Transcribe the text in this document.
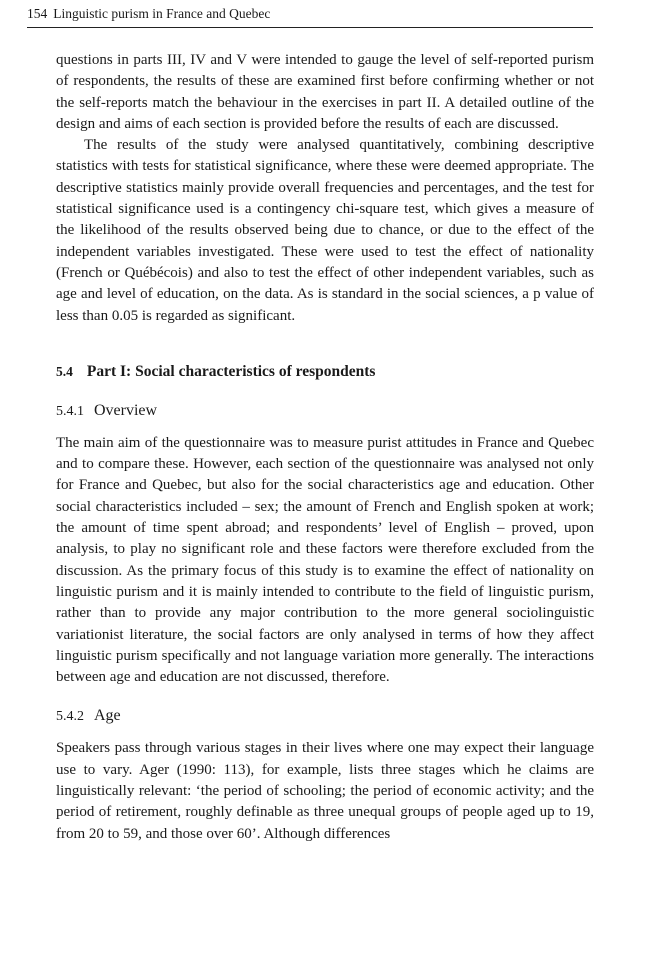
154 Linguistic purism in France and Quebec

questions in parts III, IV and V were intended to gauge the level of self-reported purism of respondents, the results of these are examined first before confirming whether or not the self-reports match the behaviour in the exercises in part II. A detailed outline of the design and aims of each section is provided before the results of each are discussed.

The results of the study were analysed quantitatively, combining descriptive statistics with tests for statistical significance, where these were deemed appropriate. The descriptive statistics mainly provide overall frequencies and percentages, and the test for statistical significance used is a contingency chi-square test, which gives a measure of the likelihood of the results observed being due to chance, or due to the effect of the independent variables investigated. These were used to test the effect of nationality (French or Québécois) and also to test the effect of other independent variables, such as age and level of education, on the data. As is standard in the social sciences, a p value of less than 0.05 is regarded as significant.

5.4 Part I: Social characteristics of respondents
5.4.1 Overview

The main aim of the questionnaire was to measure purist attitudes in France and Quebec and to compare these. However, each section of the questionnaire was analysed not only for France and Quebec, but also for the social characteristics age and education. Other social characteristics included – sex; the amount of French and English spoken at work; the amount of time spent abroad; and respondents’ level of English – proved, upon analysis, to play no significant role and these factors were therefore excluded from the discussion. As the primary focus of this study is to examine the effect of nationality on linguistic purism and it is mainly intended to contribute to the field of linguistic purism, rather than to provide any major contribution to the more general sociolinguistic variationist literature, the social factors are only analysed in terms of how they affect linguistic purism specifically and not language variation more generally. The interactions between age and education are not discussed, therefore.

5.4.2 Age

Speakers pass through various stages in their lives where one may expect their language use to vary. Ager (1990: 113), for example, lists three stages which he claims are linguistically relevant: ‘the period of schooling; the period of economic activity; and the period of retirement, roughly definable as three unequal groups of people aged up to 19, from 20 to 59, and those over 60’. Although differences
